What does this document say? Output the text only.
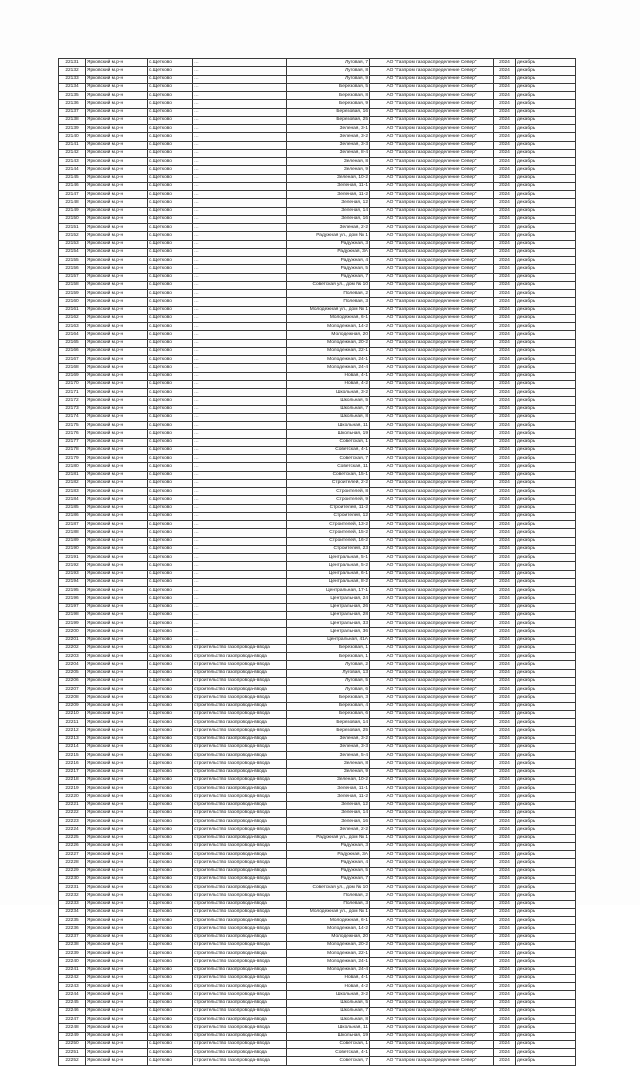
22131	Ярковский м.р-н	с.Щетково	…	Луговая, 7	АО "Газпром газораспределение Север"	2024	декабрь
22132	Ярковский м.р-н	с.Щетково	…	Луговая, 8	АО "Газпром газораспределение Север"	2024	декабрь
22133	Ярковский м.р-н	с.Щетково	…	Луговая, 9	АО "Газпром газораспределение Север"	2024	декабрь
22134	Ярковский м.р-н	с.Щетково	…	Березовая, 5	АО "Газпром газораспределение Север"	2024	декабрь
22135	Ярковский м.р-н	с.Щетково	…	Березовая, 8	АО "Газпром газораспределение Север"	2024	декабрь
22136	Ярковский м.р-н	с.Щетково	…	Березовая, 9	АО "Газпром газораспределение Север"	2024	декабрь
22137	Ярковский м.р-н	с.Щетково	…	Березовая, 16	АО "Газпром газораспределение Север"	2024	декабрь
22138	Ярковский м.р-н	с.Щетково	…	Березовая, 25	АО "Газпром газораспределение Север"	2024	декабрь
22139	Ярковский м.р-н	с.Щетково	…	Зеленая, 3-1	АО "Газпром газораспределение Север"	2024	декабрь
22140	Ярковский м.р-н	с.Щетково	…	Зеленая, 3-2	АО "Газпром газораспределение Север"	2024	декабрь
22141	Ярковский м.р-н	с.Щетково	…	Зеленая, 3-3	АО "Газпром газораспределение Север"	2024	декабрь
22142	Ярковский м.р-н	с.Щетково	…	Зеленая, 8-4	АО "Газпром газораспределение Север"	2024	декабрь
22143	Ярковский м.р-н	с.Щетково	…	Зеленая, 8	АО "Газпром газораспределение Север"	2024	декабрь
22144	Ярковский м.р-н	с.Щетково	…	Зеленая, 9	АО "Газпром газораспределение Север"	2024	декабрь
22145	Ярковский м.р-н	с.Щетково	…	Зеленая, 10-2	АО "Газпром газораспределение Север"	2024	декабрь
22146	Ярковский м.р-н	с.Щетково	…	Зеленая, 11-1	АО "Газпром газораспределение Север"	2024	декабрь
22147	Ярковский м.р-н	с.Щетково	…	Зеленая, 11-2	АО "Газпром газораспределение Север"	2024	декабрь
22148	Ярковский м.р-н	с.Щетково	…	Зеленая, 12	АО "Газпром газораспределение Север"	2024	декабрь
22149	Ярковский м.р-н	с.Щетково	…	Зеленая, 14	АО "Газпром газораспределение Север"	2024	декабрь
22150	Ярковский м.р-н	с.Щетково	…	Зеленая, 16	АО "Газпром газораспределение Север"	2024	декабрь
22151	Ярковский м.р-н	с.Щетково	…	Зеленая, 2-2	АО "Газпром газораспределение Север"	2024	декабрь
22152	Ярковский м.р-н	с.Щетково	…	Радужная ул., дом № 1	АО "Газпром газораспределение Север"	2024	декабрь
22153	Ярковский м.р-н	с.Щетково	…	Радужная, 3	АО "Газпром газораспределение Север"	2024	декабрь
22154	Ярковский м.р-н	с.Щетково	…	Радужная, 3А	АО "Газпром газораспределение Север"	2024	декабрь
22155	Ярковский м.р-н	с.Щетково	…	Радужная, 4	АО "Газпром газораспределение Север"	2024	декабрь
22156	Ярковский м.р-н	с.Щетково	…	Радужная, 5	АО "Газпром газораспределение Север"	2024	декабрь
22157	Ярковский м.р-н	с.Щетково	…	Радужная, 7	АО "Газпром газораспределение Север"	2024	декабрь
22158	Ярковский м.р-н	с.Щетково	…	Советская ул., дом № 10	АО "Газпром газораспределение Север"	2024	декабрь
22159	Ярковский м.р-н	с.Щетково	…	Полевая, 2	АО "Газпром газораспределение Север"	2024	декабрь
22160	Ярковский м.р-н	с.Щетково	…	Полевая, 3	АО "Газпром газораспределение Север"	2024	декабрь
22161	Ярковский м.р-н	с.Щетково	…	Молодежная ул., дом № 1	АО "Газпром газораспределение Север"	2024	декабрь
22162	Ярковский м.р-н	с.Щетково	…	Молодежная, 6-1	АО "Газпром газораспределение Север"	2024	декабрь
22163	Ярковский м.р-н	с.Щетково	…	Молодежная, 14-2	АО "Газпром газораспределение Север"	2024	декабрь
22164	Ярковский м.р-н	с.Щетково	…	Молодежная, 20	АО "Газпром газораспределение Север"	2024	декабрь
22165	Ярковский м.р-н	с.Щетково	…	Молодежная, 20-2	АО "Газпром газораспределение Север"	2024	декабрь
22166	Ярковский м.р-н	с.Щетково	…	Молодежная, 22-1	АО "Газпром газораспределение Север"	2024	декабрь
22167	Ярковский м.р-н	с.Щетково	…	Молодежная, 24-1	АО "Газпром газораспределение Север"	2024	декабрь
22168	Ярковский м.р-н	с.Щетково	…	Молодежная, 24-4	АО "Газпром газораспределение Север"	2024	декабрь
22169	Ярковский м.р-н	с.Щетково	…	Новая, 4-1	АО "Газпром газораспределение Север"	2024	декабрь
22170	Ярковский м.р-н	с.Щетково	…	Новая, 4-2	АО "Газпром газораспределение Север"	2024	декабрь
22171	Ярковский м.р-н	с.Щетково	…	Школьная, 3-2	АО "Газпром газораспределение Север"	2024	декабрь
22172	Ярковский м.р-н	с.Щетково	…	Школьная, 5	АО "Газпром газораспределение Север"	2024	декабрь
22173	Ярковский м.р-н	с.Щетково	…	Школьная, 7	АО "Газпром газораспределение Север"	2024	декабрь
22174	Ярковский м.р-н	с.Щетково	…	Школьная, 8	АО "Газпром газораспределение Север"	2024	декабрь
22175	Ярковский м.р-н	с.Щетково	…	Школьная, 11	АО "Газпром газораспределение Север"	2024	декабрь
22176	Ярковский м.р-н	с.Щетково	…	Школьная, 19	АО "Газпром газораспределение Север"	2024	декабрь
22177	Ярковский м.р-н	с.Щетково	…	Советская, 1	АО "Газпром газораспределение Север"	2024	декабрь
22178	Ярковский м.р-н	с.Щетково	…	Советская, 4-1	АО "Газпром газораспределение Север"	2024	декабрь
22179	Ярковский м.р-н	с.Щетково	…	Советская, 7	АО "Газпром газораспределение Север"	2024	декабрь
22180	Ярковский м.р-н	с.Щетково	…	Советская, 11	АО "Газпром газораспределение Север"	2024	декабрь
22181	Ярковский м.р-н	с.Щетково	…	Советская, 15-1	АО "Газпром газораспределение Север"	2024	декабрь
22182	Ярковский м.р-н	с.Щетково	…	Строителей, 2-2	АО "Газпром газораспределение Север"	2024	декабрь
22183	Ярковский м.р-н	с.Щетково	…	Строителей, 8	АО "Газпром газораспределение Север"	2024	декабрь
22184	Ярковский м.р-н	с.Щетково	…	Строителей, 9	АО "Газпром газораспределение Север"	2024	декабрь
22185	Ярковский м.р-н	с.Щетково	…	Строителей, 11-2	АО "Газпром газораспределение Север"	2024	декабрь
22186	Ярковский м.р-н	с.Щетково	…	Строителей, 12	АО "Газпром газораспределение Север"	2024	декабрь
22187	Ярковский м.р-н	с.Щетково	…	Строителей, 13-2	АО "Газпром газораспределение Север"	2024	декабрь
22188	Ярковский м.р-н	с.Щетково	…	Строителей, 15-2	АО "Газпром газораспределение Север"	2024	декабрь
22189	Ярковский м.р-н	с.Щетково	…	Строителей, 16-2	АО "Газпром газораспределение Север"	2024	декабрь
22190	Ярковский м.р-н	с.Щетково	…	Строителей, 23	АО "Газпром газораспределение Север"	2024	декабрь
22191	Ярковский м.р-н	с.Щетково	…	Центральная, 5-1	АО "Газпром газораспределение Север"	2024	декабрь
22192	Ярковский м.р-н	с.Щетково	…	Центральная, 5-2	АО "Газпром газораспределение Север"	2024	декабрь
22193	Ярковский м.р-н	с.Щетково	…	Центральная, 6-1	АО "Газпром газораспределение Север"	2024	декабрь
22194	Ярковский м.р-н	с.Щетково	…	Центральная, 8-2	АО "Газпром газораспределение Север"	2024	декабрь
22195	Ярковский м.р-н	с.Щетково	…	Центральная, 17-1	АО "Газпром газораспределение Север"	2024	декабрь
22196	Ярковский м.р-н	с.Щетково	…	Центральная, 24	АО "Газпром газораспределение Север"	2024	декабрь
22197	Ярковский м.р-н	с.Щетково	…	Центральная, 26	АО "Газпром газораспределение Север"	2024	декабрь
22198	Ярковский м.р-н	с.Щетково	…	Центральная, 28	АО "Газпром газораспределение Север"	2024	декабрь
22199	Ярковский м.р-н	с.Щетково	…	Центральная, 33	АО "Газпром газораспределение Север"	2024	декабрь
22200	Ярковский м.р-н	с.Щетково	…	Центральная, 36	АО "Газпром газораспределение Север"	2024	декабрь
22201	Ярковский м.р-н	с.Щетково	…	Центральная, 41А	АО "Газпром газораспределение Север"	2024	декабрь
22202	Ярковский м.р-н	с.Щетково	строительство газопровода-ввода	Березовая, 1	АО "Газпром газораспределение Север"	2024	декабрь
22203	Ярковский м.р-н	с.Щетково	строительство газопровода-ввода	Березовая, 1	АО "Газпром газораспределение Север"	2024	декабрь
22204	Ярковский м.р-н	с.Щетково	строительство газопровода-ввода	Луговая, 2	АО "Газпром газораспределение Север"	2024	декабрь
22205	Ярковский м.р-н	с.Щетково	строительство газопровода-ввода	Луговая, 13	АО "Газпром газораспределение Север"	2024	декабрь
22206	Ярковский м.р-н	с.Щетково	строительство газопровода-ввода	Луговая, 5	АО "Газпром газораспределение Север"	2024	декабрь
22207	Ярковский м.р-н	с.Щетково	строительство газопровода-ввода	Луговая, 6	АО "Газпром газораспределение Север"	2024	декабрь
22208	Ярковский м.р-н	с.Щетково	строительство газопровода-ввода	Березовая, 3	АО "Газпром газораспределение Север"	2024	декабрь
22209	Ярковский м.р-н	с.Щетково	строительство газопровода-ввода	Березовая, 4	АО "Газпром газораспределение Север"	2024	декабрь
22210	Ярковский м.р-н	с.Щетково	строительство газопровода-ввода	Березовая, 6	АО "Газпром газораспределение Север"	2024	декабрь
22211	Ярковский м.р-н	с.Щетково	строительство газопровода-ввода	Березовая, 14	АО "Газпром газораспределение Север"	2024	декабрь
22212	Ярковский м.р-н	с.Щетково	строительство газопровода-ввода	Березовая, 25	АО "Газпром газораспределение Север"	2024	декабрь
22213	Ярковский м.р-н	с.Щетково	строительство газопровода-ввода	Зеленая, 3-2	АО "Газпром газораспределение Север"	2024	декабрь
22214	Ярковский м.р-н	с.Щетково	строительство газопровода-ввода	Зеленая, 3-3	АО "Газпром газораспределение Север"	2024	декабрь
22215	Ярковский м.р-н	с.Щетково	строительство газопровода-ввода	Зеленая, 5-4	АО "Газпром газораспределение Север"	2024	декабрь
22216	Ярковский м.р-н	с.Щетково	строительство газопровода-ввода	Зеленая, 8	АО "Газпром газораспределение Север"	2024	декабрь
22217	Ярковский м.р-н	с.Щетково	строительство газопровода-ввода	Зеленая, 9	АО "Газпром газораспределение Север"	2024	декабрь
22218	Ярковский м.р-н	с.Щетково	строительство газопровода-ввода	Зеленая, 10-2	АО "Газпром газораспределение Север"	2024	декабрь
22219	Ярковский м.р-н	с.Щетково	строительство газопровода-ввода	Зеленая, 11-1	АО "Газпром газораспределение Север"	2024	декабрь
22220	Ярковский м.р-н	с.Щетково	строительство газопровода-ввода	Зеленая, 11-2	АО "Газпром газораспределение Север"	2024	декабрь
22221	Ярковский м.р-н	с.Щетково	строительство газопровода-ввода	Зеленая, 12	АО "Газпром газораспределение Север"	2024	декабрь
22222	Ярковский м.р-н	с.Щетково	строительство газопровода-ввода	Зеленая, 14	АО "Газпром газораспределение Север"	2024	декабрь
22223	Ярковский м.р-н	с.Щетково	строительство газопровода-ввода	Зеленая, 16	АО "Газпром газораспределение Север"	2024	декабрь
22224	Ярковский м.р-н	с.Щетково	строительство газопровода-ввода	Зеленая, 2-2	АО "Газпром газораспределение Север"	2024	декабрь
22225	Ярковский м.р-н	с.Щетково	строительство газопровода-ввода	Радужная ул., дом № 1	АО "Газпром газораспределение Север"	2024	декабрь
22226	Ярковский м.р-н	с.Щетково	строительство газопровода-ввода	Радужная, 3	АО "Газпром газораспределение Север"	2024	декабрь
22227	Ярковский м.р-н	с.Щетково	строительство газопровода-ввода	Радужная, 3А	АО "Газпром газораспределение Север"	2024	декабрь
22228	Ярковский м.р-н	с.Щетково	строительство газопровода-ввода	Радужная, 4	АО "Газпром газораспределение Север"	2024	декабрь
22229	Ярковский м.р-н	с.Щетково	строительство газопровода-ввода	Радужная, 5	АО "Газпром газораспределение Север"	2024	декабрь
22230	Ярковский м.р-н	с.Щетково	строительство газопровода-ввода	Радужная, 7	АО "Газпром газораспределение Север"	2024	декабрь
22231	Ярковский м.р-н	с.Щетково	строительство газопровода-ввода	Советская ул., дом № 10	АО "Газпром газораспределение Север"	2024	декабрь
22232	Ярковский м.р-н	с.Щетково	строительство газопровода-ввода	Полевая, 2	АО "Газпром газораспределение Север"	2024	декабрь
22233	Ярковский м.р-н	с.Щетково	строительство газопровода-ввода	Полевая, 3	АО "Газпром газораспределение Север"	2024	декабрь
22234	Ярковский м.р-н	с.Щетково	строительство газопровода-ввода	Молодежная ул., дом № 1	АО "Газпром газораспределение Север"	2024	декабрь
22235	Ярковский м.р-н	с.Щетково	строительство газопровода-ввода	Молодежная, 6-1	АО "Газпром газораспределение Север"	2024	декабрь
22236	Ярковский м.р-н	с.Щетково	строительство газопровода-ввода	Молодежная, 14-2	АО "Газпром газораспределение Север"	2024	декабрь
22237	Ярковский м.р-н	с.Щетково	строительство газопровода-ввода	Молодежная, 20	АО "Газпром газораспределение Север"	2024	декабрь
22238	Ярковский м.р-н	с.Щетково	строительство газопровода-ввода	Молодежная, 20-2	АО "Газпром газораспределение Север"	2024	декабрь
22239	Ярковский м.р-н	с.Щетково	строительство газопровода-ввода	Молодежная, 22-1	АО "Газпром газораспределение Север"	2024	декабрь
22240	Ярковский м.р-н	с.Щетково	строительство газопровода-ввода	Молодежная, 24-1	АО "Газпром газораспределение Север"	2024	декабрь
22241	Ярковский м.р-н	с.Щетково	строительство газопровода-ввода	Молодежная, 24-4	АО "Газпром газораспределение Север"	2024	декабрь
22242	Ярковский м.р-н	с.Щетково	строительство газопровода-ввода	Новая, 4-1	АО "Газпром газораспределение Север"	2024	декабрь
22243	Ярковский м.р-н	с.Щетково	строительство газопровода-ввода	Новая, 4-2	АО "Газпром газораспределение Север"	2024	декабрь
22244	Ярковский м.р-н	с.Щетково	строительство газопровода-ввода	Школьная, 3-2	АО "Газпром газораспределение Север"	2024	декабрь
22245	Ярковский м.р-н	с.Щетково	строительство газопровода-ввода	Школьная, 5	АО "Газпром газораспределение Север"	2024	декабрь
22246	Ярковский м.р-н	с.Щетково	строительство газопровода-ввода	Школьная, 7	АО "Газпром газораспределение Север"	2024	декабрь
22247	Ярковский м.р-н	с.Щетково	строительство газопровода-ввода	Школьная, 8	АО "Газпром газораспределение Север"	2024	декабрь
22248	Ярковский м.р-н	с.Щетково	строительство газопровода-ввода	Школьная, 11	АО "Газпром газораспределение Север"	2024	декабрь
22249	Ярковский м.р-н	с.Щетково	строительство газопровода-ввода	Школьная, 19	АО "Газпром газораспределение Север"	2024	декабрь
22250	Ярковский м.р-н	с.Щетково	строительство газопровода-ввода	Советская, 1	АО "Газпром газораспределение Север"	2024	декабрь
22251	Ярковский м.р-н	с.Щетково	строительство газопровода-ввода	Советская, 4-1	АО "Газпром газораспределение Север"	2024	декабрь
22252	Ярковский м.р-н	с.Щетково	строительство газопровода-ввода	Советская, 7	АО "Газпром газораспределение Север"	2024	декабрь
